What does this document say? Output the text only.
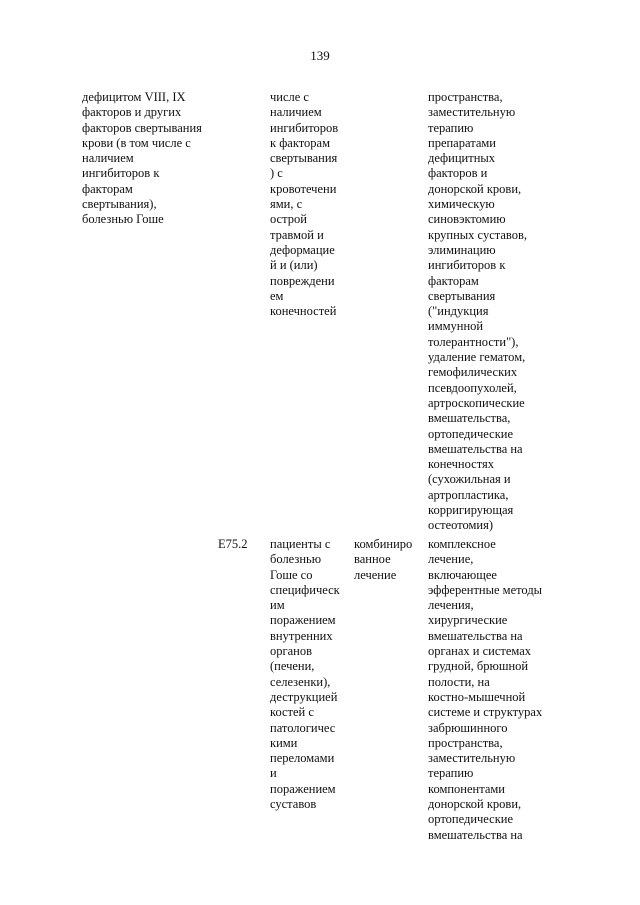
139

дефицитом VIII, IX
факторов и других
факторов свертывания
крови (в том числе с
наличием
ингибиторов к
факторам
свертывания),
болезнью Гоше

числе с
наличием
ингибиторов
к факторам
свертывания
) с
кровотечени
ями, с
острой
травмой и
деформацие
й и (или)
повреждени
ем
конечностей

пространства,
заместительную
терапию
препаратами
дефицитных
факторов и
донорской крови,
химическую
синовэктомию
крупных суставов,
элиминацию
ингибиторов к
факторам
свертывания
("индукция
иммунной
толерантности"),
удаление гематом,
гемофилических
псевдоопухолей,
артроскопические
вмешательства,
ортопедические
вмешательства на
конечностях
(сухожильная и
артропластика,
корригирующая
остеотомия)

E75.2	пациенты с
болезнью
Гоше со
специфическ
им
поражением
внутренних
органов
(печени,
селезенки),
деструкцией
костей с
патологичес
кими
переломами
и
поражением
суставов

комбиниро
ванное
лечение

комплексное
лечение,
включающее
эфферентные методы
лечения,
хирургические
вмешательства на
органах и системах
грудной, брюшной
полости, на
костно-мышечной
системе и структурах
забрюшинного
пространства,
заместительную
терапию
компонентами
донорской крови,
ортопедические
вмешательства на
